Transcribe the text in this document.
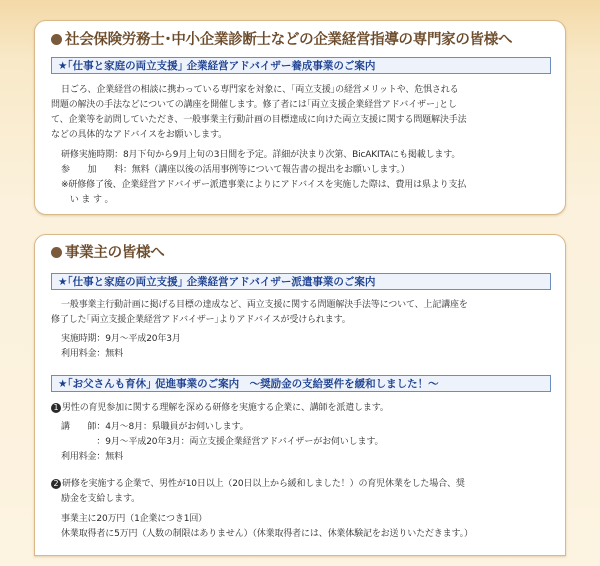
社会保険労務士･中小企業診断士などの企業経営指導の専門家の皆様へ
★｢仕事と家庭の両立支援｣ 企業経営アドバイザー養成事業のご案内
日ごろ、企業経営の相談に携わっている専門家を対象に、｢両立支援｣の経営メリットや、危惧される
問題の解決の手法などについての講座を開催します。修了者には｢両立支援企業経営アドバイザー｣とし
て、企業等を訪問していただき、一般事業主行動計画の目標達成に向けた両立支援に関する問題解決手法
などの具体的なアドバイスをお願いします。
研修実施時期：8月下旬から9月上旬の3日間を予定。詳細が決まり次第、BicAKITAにも掲載します。
参　　加　　料：無料（講座以後の活用事例等について報告書の提出をお願いします。）
※研修修了後、企業経営アドバイザー派遣事業によりにアドバイスを実施した際は、費用は県より支払
　い ま す 。
事業主の皆様へ
★｢仕事と家庭の両立支援｣ 企業経営アドバイザー派遣事業のご案内
一般事業主行動計画に掲げる目標の達成など、両立支援に関する問題解決手法等について、上記講座を
修了した｢両立支援企業経営アドバイザー｣よりアドバイスが受けられます。
実施時期：9月～平成20年3月
利用料金：無料
★｢お父さんも育休｣ 促進事業のご案内　～奨励金の支給要件を緩和しました！～
1 男性の育児参加に関する理解を深める研修を実施する企業に、講師を派遣します。
講　　師：4月～8月：県職員がお伺いします。
　　　　：9月～平成20年3月：両立支援企業経営アドバイザーがお伺いします。
利用料金：無料
2 研修を実施する企業で、男性が10日以上（20日以上から緩和しました！）の育児休業をした場合、奨
励金を支給します。
事業主に20万円（1企業につき1回）
休業取得者に5万円（人数の制限はありません）（休業取得者には、休業体験記をお送りいただきます。）
